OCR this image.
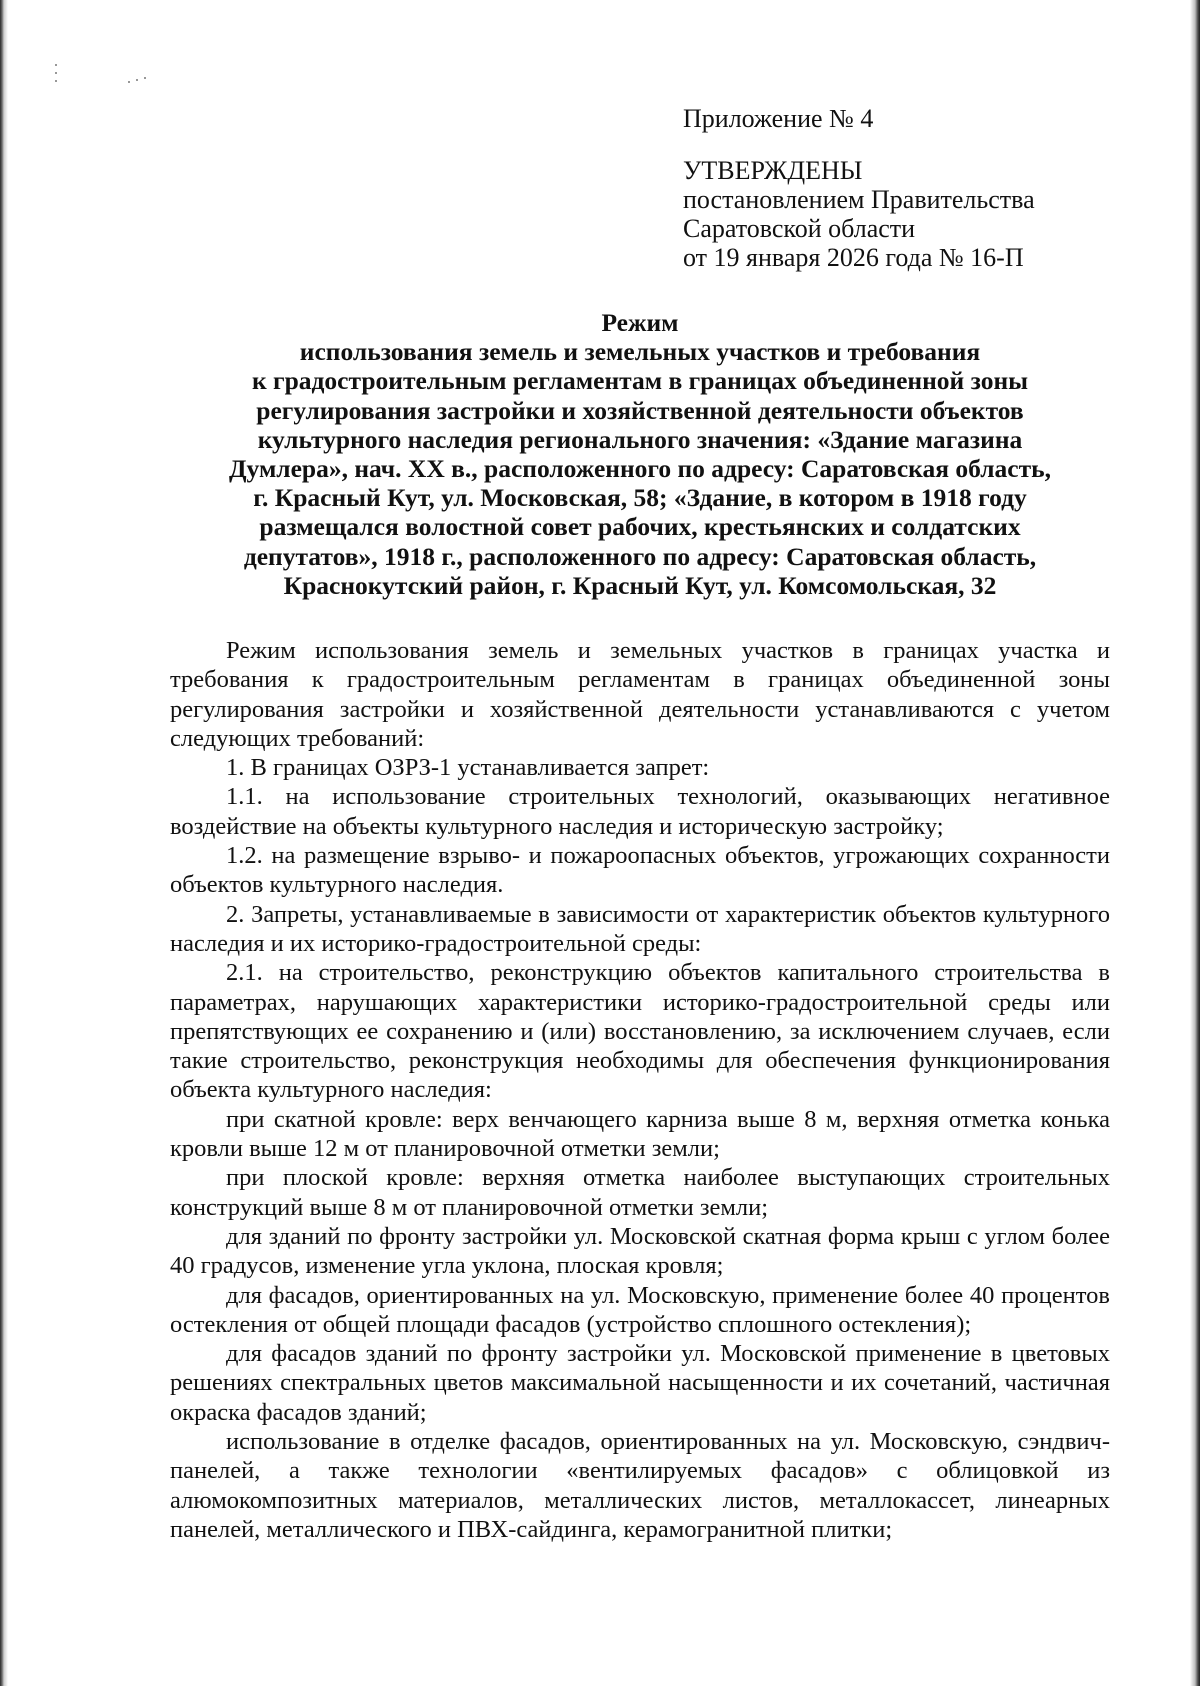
Приложение № 4
УТВЕРЖДЕНЫ
постановлением Правительства
Саратовской области
от 19 января 2026 года № 16-П
Режим
использования земель и земельных участков и требования
к градостроительным регламентам в границах объединенной зоны
регулирования застройки и хозяйственной деятельности объектов
культурного наследия регионального значения: «Здание магазина
Думлера», нач. XX в., расположенного по адресу: Саратовская область,
г. Красный Кут, ул. Московская, 58; «Здание, в котором в 1918 году
размещался волостной совет рабочих, крестьянских и солдатских
депутатов», 1918 г., расположенного по адресу: Саратовская область,
Краснокутский район, г. Красный Кут, ул. Комсомольская, 32

Режим использования земель и земельных участков в границах участка и требования к градостроительным регламентам в границах объединенной зоны регулирования застройки и хозяйственной деятельности устанавливаются с учетом следующих требований:

1. В границах ОЗРЗ-1 устанавливается запрет:

1.1. на использование строительных технологий, оказывающих негативное воздействие на объекты культурного наследия и историческую застройку;

1.2. на размещение взрыво- и пожароопасных объектов, угрожающих сохранности объектов культурного наследия.

2. Запреты, устанавливаемые в зависимости от характеристик объектов культурного наследия и их историко-градостроительной среды:

2.1. на строительство, реконструкцию объектов капитального строительства в параметрах, нарушающих характеристики историко-градостроительной среды или препятствующих ее сохранению и (или) восстановлению, за исключением случаев, если такие строительство, реконструкция необходимы для обеспечения функционирования объекта культурного наследия:

при скатной кровле: верх венчающего карниза выше 8 м, верхняя отметка конька кровли выше 12 м от планировочной отметки земли;

при плоской кровле: верхняя отметка наиболее выступающих строительных конструкций выше 8 м от планировочной отметки земли;

для зданий по фронту застройки ул. Московской скатная форма крыш с углом более 40 градусов, изменение угла уклона, плоская кровля;

для фасадов, ориентированных на ул. Московскую, применение более 40 процентов остекления от общей площади фасадов (устройство сплошного остекления);

для фасадов зданий по фронту застройки ул. Московской применение в цветовых решениях спектральных цветов максимальной насыщенности и их сочетаний, частичная окраска фасадов зданий;

использование в отделке фасадов, ориентированных на ул. Московскую, сэндвич-панелей, а также технологии «вентилируемых фасадов» с облицовкой из алюмокомпозитных материалов, металлических листов, металлокассет, линеарных панелей, металлического и ПВХ-сайдинга, керамогранитной плитки;
